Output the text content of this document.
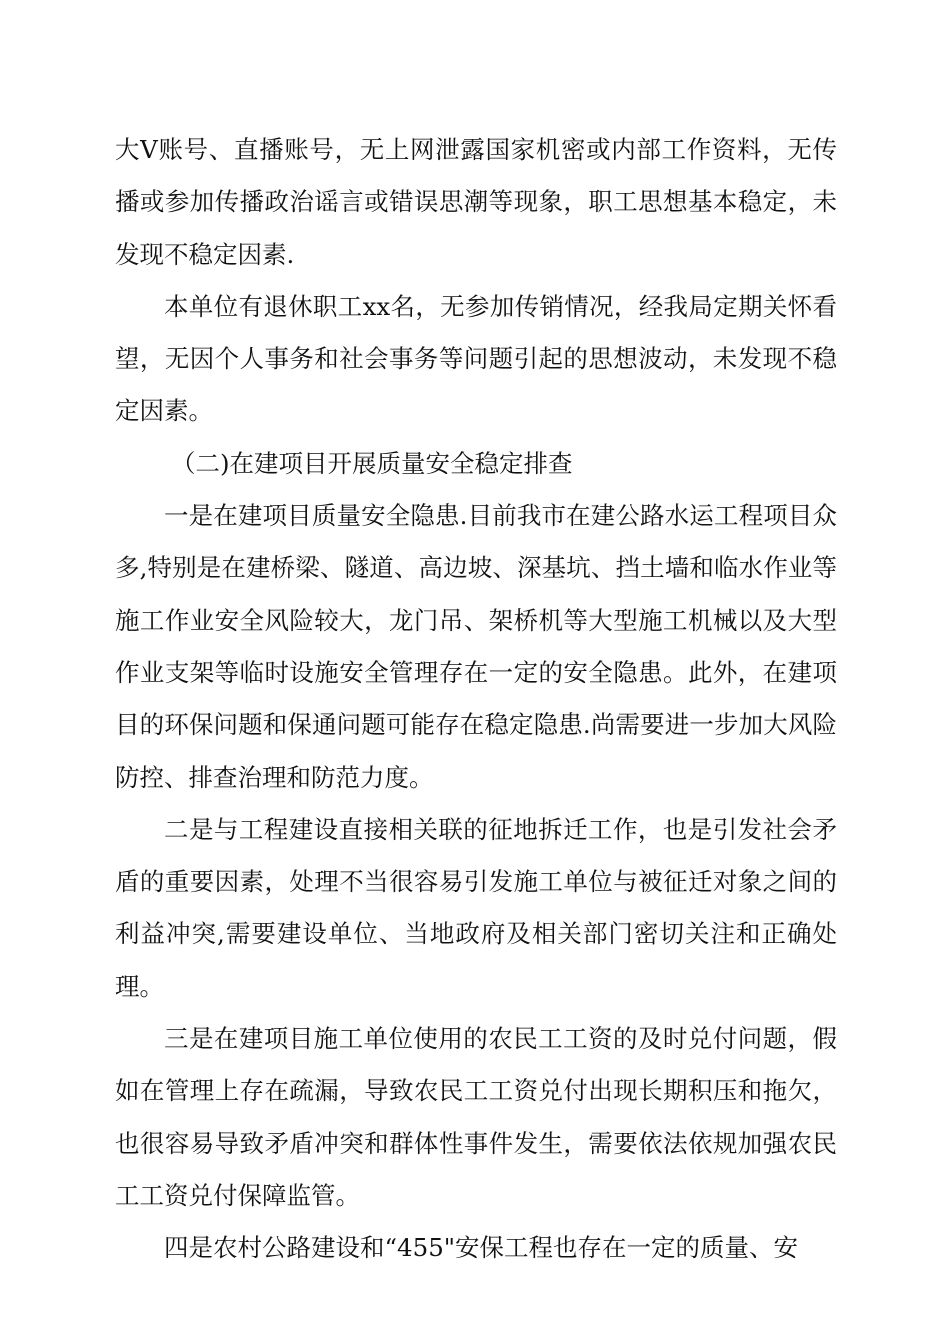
大V账号、直播账号，无上网泄露国家机密或内部工作资料，无传播或参加传播政治谣言或错误思潮等现象，职工思想基本稳定，未发现不稳定因素.

本单位有退休职工xx名，无参加传销情况，经我局定期关怀看望，无因个人事务和社会事务等问题引起的思想波动，未发现不稳定因素。

（二)在建项目开展质量安全稳定排查

一是在建项目质量安全隐患.目前我市在建公路水运工程项目众多,特别是在建桥梁、隧道、高边坡、深基坑、挡土墙和临水作业等施工作业安全风险较大，龙门吊、架桥机等大型施工机械以及大型作业支架等临时设施安全管理存在一定的安全隐患。此外，在建项目的环保问题和保通问题可能存在稳定隐患.尚需要进一步加大风险防控、排查治理和防范力度。

二是与工程建设直接相关联的征地拆迁工作，也是引发社会矛盾的重要因素，处理不当很容易引发施工单位与被征迁对象之间的利益冲突,需要建设单位、当地政府及相关部门密切关注和正确处理。

三是在建项目施工单位使用的农民工工资的及时兑付问题，假如在管理上存在疏漏，导致农民工工资兑付出现长期积压和拖欠，也很容易导致矛盾冲突和群体性事件发生，需要依法依规加强农民工工资兑付保障监管。

四是农村公路建设和“455"安保工程也存在一定的质量、安
